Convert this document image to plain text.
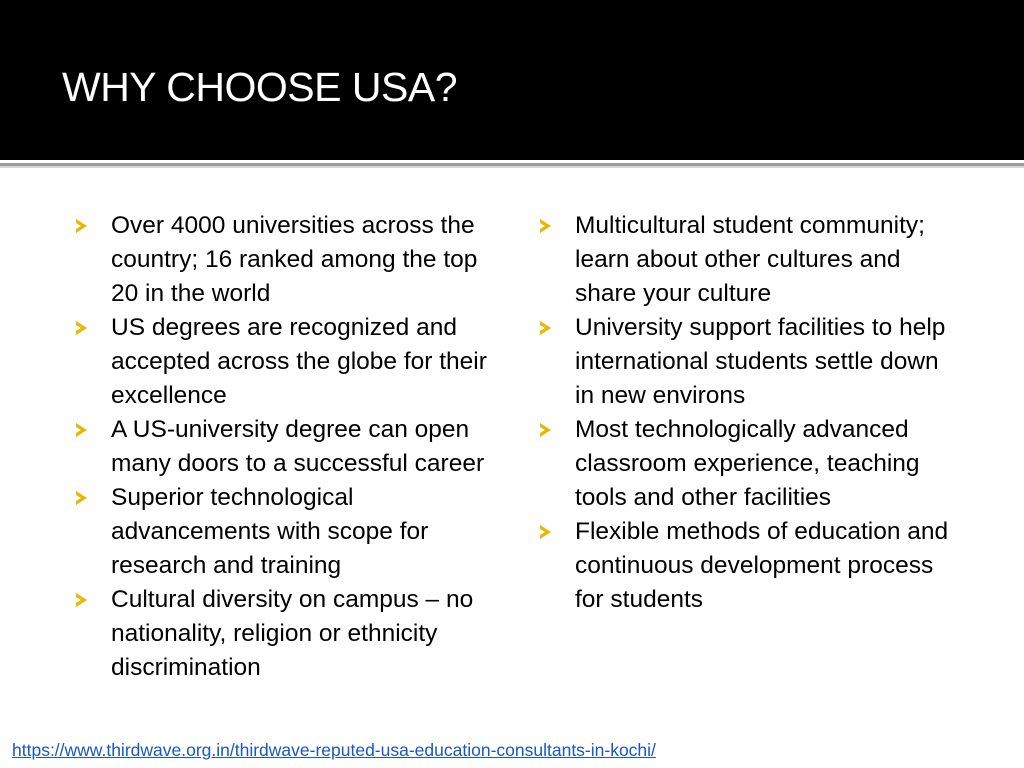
WHY CHOOSE USA?
Over 4000 universities across the country; 16 ranked among the top 20 in the world
US degrees are recognized and accepted across the globe for their excellence
A US-university degree can open many doors to a successful career
Superior technological advancements with scope for research and training
Cultural diversity on campus – no nationality, religion or ethnicity discrimination
Multicultural student community; learn about other cultures and share your culture
University support facilities to help international students settle down in new environs
Most technologically advanced classroom experience, teaching tools and other facilities
Flexible methods of education and continuous development process for students
https://www.thirdwave.org.in/thirdwave-reputed-usa-education-consultants-in-kochi/
